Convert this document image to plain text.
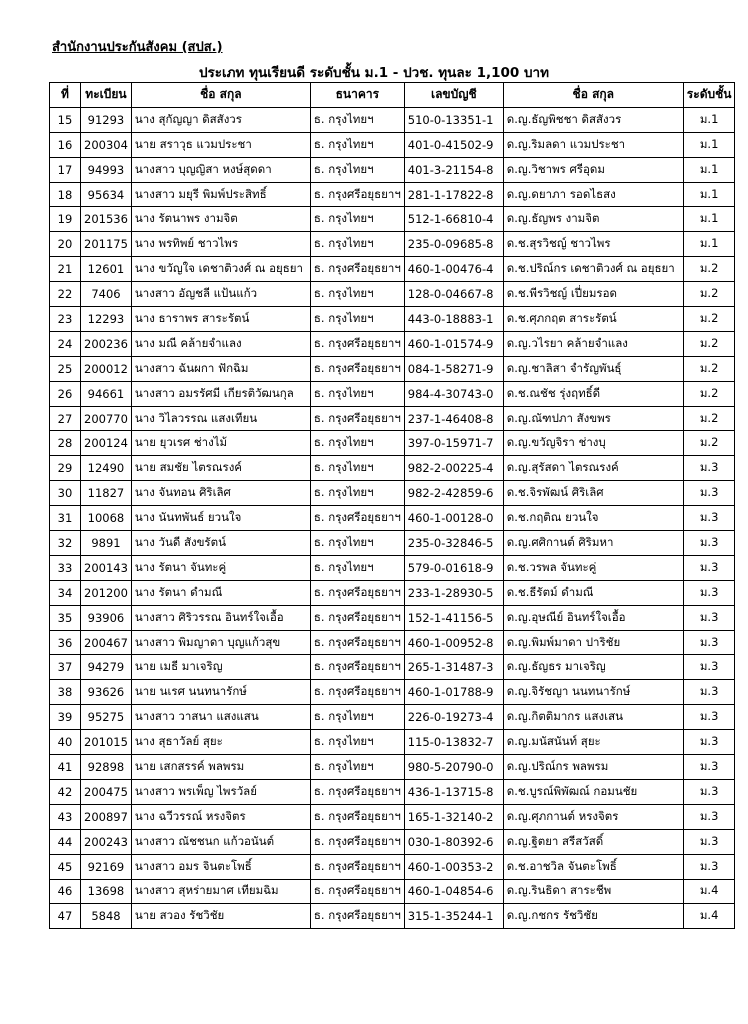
สำนักงานประกันสังคม (สปส.)
ประเภท ทุนเรียนดี ระดับชั้น ม.1 - ปวช. ทุนละ 1,100 บาท
ที่	ทะเบียน	ชื่อ สกุล	ธนาคาร	เลขบัญชี	ชื่อ สกุล	ระดับชั้น
15	91293	นาง สุกัญญา ดิสสังวร	ธ. กรุงไทยฯ	510-0-13351-1	ด.ญ.ธัญพิชชา ดิสสังวร	ม.1
16	200304	นาย สราวุธ แวมประชา	ธ. กรุงไทยฯ	401-0-41502-9	ด.ญ.ริมลดา แวมประชา	ม.1
17	94993	นางสาว บุญญิสา หงษ์สุดดา	ธ. กรุงไทยฯ	401-3-21154-8	ด.ญ.วิชาพร ศรีอุดม	ม.1
18	95634	นางสาว มยุรี พิมพ์ประสิทธิ์	ธ. กรุงศรีอยุธยาฯ	281-1-17822-8	ด.ญ.ดยาภา รอดไธสง	ม.1
19	201536	นาง รัตนาพร งามจิต	ธ. กรุงไทยฯ	512-1-66810-4	ด.ญ.ธัญพร งามจิต	ม.1
20	201175	นาง พรทิพย์ ชาวไพร	ธ. กรุงไทยฯ	235-0-09685-8	ด.ช.สุรวิชญ์ ชาวไพร	ม.1
21	12601	นาง ขวัญใจ เดชาติวงศ์ ณ อยุธยา	ธ. กรุงศรีอยุธยาฯ	460-1-00476-4	ด.ช.ปริณ์กร เดชาติวงศ์ ณ อยุธยา	ม.2
22	7406	นางสาว อัญชลี แป้นแก้ว	ธ. กรุงไทยฯ	128-0-04667-8	ด.ช.พีรวิชญ์ เปี่ยมรอด	ม.2
23	12293	นาง ธาราพร สาระรัตน์	ธ. กรุงไทยฯ	443-0-18883-1	ด.ช.ศุภกฤต สาระรัตน์	ม.2
24	200236	นาง มณี คล้ายจำแลง	ธ. กรุงศรีอยุธยาฯ	460-1-01574-9	ด.ญ.วไรยา คล้ายจำแลง	ม.2
25	200012	นางสาว ฉันผกา ฟักฉิม	ธ. กรุงศรีอยุธยาฯ	084-1-58271-9	ด.ญ.ชาลิสา จำรัญพันธุ์	ม.2
26	94661	นางสาว อมรรัศมี เกียรติวัฒนกุล	ธ. กรุงไทยฯ	984-4-30743-0	ด.ช.ณชัช รุ่งฤทธิ์ดี	ม.2
27	200770	นาง วิไลวรรณ แสงเทียน	ธ. กรุงศรีอยุธยาฯ	237-1-46408-8	ด.ญ.ณัฑปภา สังขพร	ม.2
28	200124	นาย ยุวเรศ ช่างไม้	ธ. กรุงไทยฯ	397-0-15971-7	ด.ญ.ขวัญจิรา ช่างบุ	ม.2
29	12490	นาย สมชัย ไตรณรงค์	ธ. กรุงไทยฯ	982-2-00225-4	ด.ญ.สุรัสดา ไตรณรงค์	ม.3
30	11827	นาง จันทอน ศิริเลิศ	ธ. กรุงไทยฯ	982-2-42859-6	ด.ช.จิรพัฒน์ ศิริเลิศ	ม.3
31	10068	นาง นันทพันธ์ ยวนใจ	ธ. กรุงศรีอยุธยาฯ	460-1-00128-0	ด.ช.กฤติณ ยวนใจ	ม.3
32	9891	นาง วันดี สังขรัตน์	ธ. กรุงไทยฯ	235-0-32846-5	ด.ญ.ศศิกานต์ ศิริมหา	ม.3
33	200143	นาง รัตนา จันทะคู่	ธ. กรุงไทยฯ	579-0-01618-9	ด.ช.วรพล จันทะคู่	ม.3
34	201200	นาง รัตนา ดำมณี	ธ. กรุงศรีอยุธยาฯ	233-1-28930-5	ด.ช.ธีรัตม์ ดำมณี	ม.3
35	93906	นางสาว ศิริวรรณ อินทร์ใจเอื้อ	ธ. กรุงศรีอยุธยาฯ	152-1-41156-5	ด.ญ.อุษณีย์ อินทร์ใจเอื้อ	ม.3
36	200467	นางสาว พิมญาดา บุญแก้วสุข	ธ. กรุงศรีอยุธยาฯ	460-1-00952-8	ด.ญ.พิมพ์มาดา ปาริชัย	ม.3
37	94279	นาย เมธี มาเจริญ	ธ. กรุงศรีอยุธยาฯ	265-1-31487-3	ด.ญ.ธัญธร มาเจริญ	ม.3
38	93626	นาย นเรศ นนทนารักษ์	ธ. กรุงศรีอยุธยาฯ	460-1-01788-9	ด.ญ.จิรัชญา นนทนารักษ์	ม.3
39	95275	นางสาว วาสนา แสงแสน	ธ. กรุงไทยฯ	226-0-19273-4	ด.ญ.กิตติมากร แสงเสน	ม.3
40	201015	นาง สุธาวัลย์ สุยะ	ธ. กรุงไทยฯ	115-0-13832-7	ด.ญ.มนัสนันท์ สุยะ	ม.3
41	92898	นาย เสกสรรค์ พลพรม	ธ. กรุงไทยฯ	980-5-20790-0	ด.ญ.ปริณ์กร พลพรม	ม.3
42	200475	นางสาว พรเพ็ญ ไพรวัลย์	ธ. กรุงศรีอยุธยาฯ	436-1-13715-8	ด.ช.บูรณ์พิพัฒณ์ กอมนชัย	ม.3
43	200897	นาง ฉวีวรรณ์ หรงจิตร	ธ. กรุงศรีอยุธยาฯ	165-1-32140-2	ด.ญ.ศุภกานต์ หรงจิตร	ม.3
44	200243	นางสาว ณัชชนก แก้วอนันต์	ธ. กรุงศรีอยุธยาฯ	030-1-80392-6	ด.ญ.ฐิตยา สรีสวัสดิ์	ม.3
45	92169	นางสาว อมร จินตะโพธิ์	ธ. กรุงศรีอยุธยาฯ	460-1-00353-2	ด.ช.อาชวิล จันตะโพธิ์	ม.3
46	13698	นางสาว สุหร่ายมาศ เทียมฉิม	ธ. กรุงศรีอยุธยาฯ	460-1-04854-6	ด.ญ.รินธิดา สาระชีพ	ม.4
47	5848	นาย สวอง รัชวิชัย	ธ. กรุงศรีอยุธยาฯ	315-1-35244-1	ด.ญ.กชกร รัชวิชัย	ม.4
